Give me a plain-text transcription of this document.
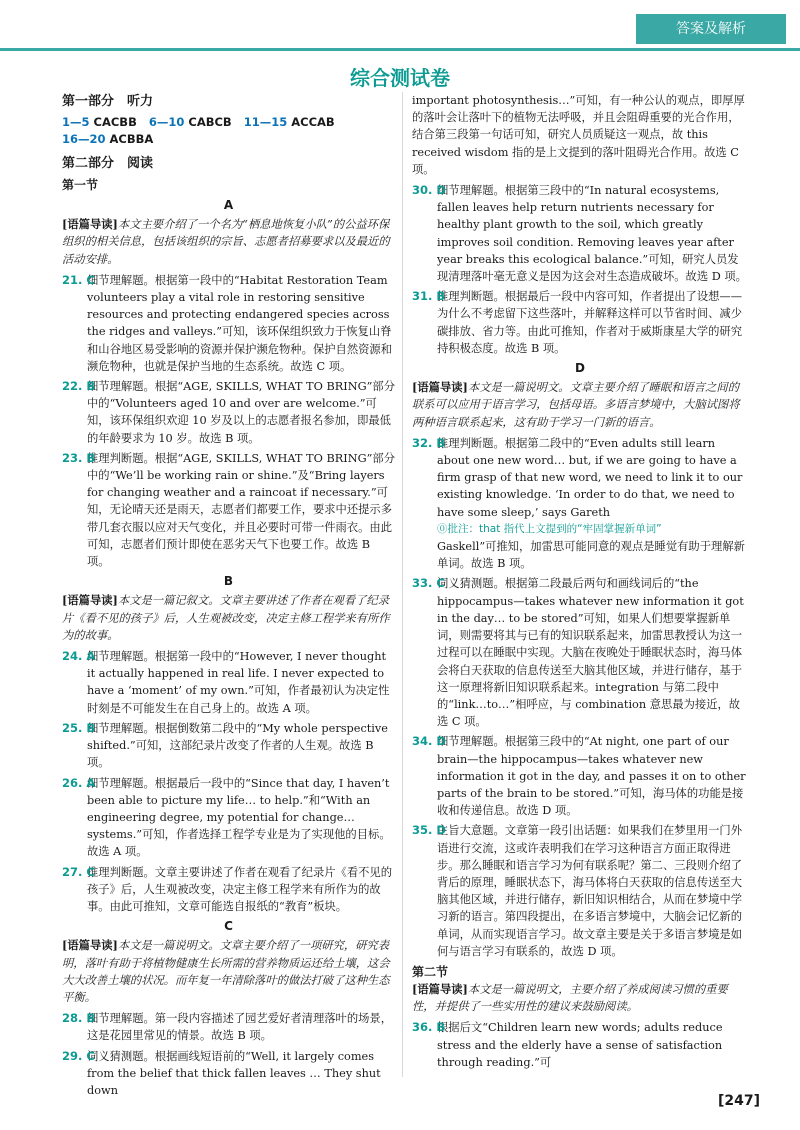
答案及解析
综合测试卷
第一部分　听力
1—5 CACBB 6—10 CABCB 11—15 ACCAB
16—20 ACBBA
第二部分　阅读
第一节
A
[语篇导读]本文主要介绍了一个名为“栖息地恢复小队”的公益环保组织的相关信息，包括该组织的宗旨、志愿者招募要求以及最近的活动安排。
21. C
细节理解题。根据第一段中的“Habitat Restoration Team volunteers play a vital role in restoring sensitive resources and protecting endangered species across the ridges and valleys.”可知，该环保组织致力于恢复山脊和山谷地区易受影响的资源并保护濒危物种。保护自然资源和濒危物种，也就是保护当地的生态系统。故选 C 项。
22. B
细节理解题。根据“AGE, SKILLS, WHAT TO BRING”部分中的“Volunteers aged 10 and over are welcome.”可知，该环保组织欢迎 10 岁及以上的志愿者报名参加，即最低的年龄要求为 10 岁。故选 B 项。
23. B
推理判断题。根据“AGE, SKILLS, WHAT TO BRING”部分中的“We’ll be working rain or shine.”及“Bring layers for changing weather and a raincoat if necessary.”可知，无论晴天还是雨天，志愿者们都要工作，要求中还提示多带几套衣服以应对天气变化，并且必要时可带一件雨衣。由此可知，志愿者们预计即使在恶劣天气下也要工作。故选 B 项。
B
[语篇导读]本文是一篇记叙文。文章主要讲述了作者在观看了纪录片《看不见的孩子》后，人生观被改变，决定主修工程学来有所作为的故事。
24. A
细节理解题。根据第一段中的“However, I never thought it actually happened in real life. I never expected to have a ‘moment’ of my own.”可知，作者最初认为决定性时刻是不可能发生在自己身上的。故选 A 项。
25. B
细节理解题。根据倒数第二段中的“My whole perspective shifted.”可知，这部纪录片改变了作者的人生观。故选 B 项。
26. A
细节理解题。根据最后一段中的“Since that day, I haven’t been able to picture my life… to help.”和“With an engineering degree, my potential for change… systems.”可知，作者选择工程学专业是为了实现他的目标。故选 A 项。
27. C
推理判断题。文章主要讲述了作者在观看了纪录片《看不见的孩子》后，人生观被改变，决定主修工程学来有所作为的故事。由此可推知，文章可能选自报纸的“教育”板块。
C
[语篇导读]本文是一篇说明文。文章主要介绍了一项研究，研究表明，落叶有助于将植物健康生长所需的营养物质运还给土壤，这会大大改善土壤的状况。而年复一年清除落叶的做法打破了这种生态平衡。
28. B
细节理解题。第一段内容描述了园艺爱好者清理落叶的场景，这是花园里常见的情景。故选 B 项。
29. C
词义猜测题。根据画线短语前的“Well, it largely comes from the belief that thick fallen leaves … They shut down
important photosynthesis…”可知，有一种公认的观点，即厚厚的落叶会让落叶下的植物无法呼吸，并且会阻碍重要的光合作用，结合第三段第一句话可知，研究人员质疑这一观点，故 this received wisdom 指的是上文提到的落叶阻碍光合作用。故选 C 项。
30. D
细节理解题。根据第三段中的“In natural ecosystems, fallen leaves help return nutrients necessary for healthy plant growth to the soil, which greatly improves soil condition. Removing leaves year after year breaks this ecological balance.”可知，研究人员发现清理落叶毫无意义是因为这会对生态造成破坏。故选 D 项。
31. B
推理判断题。根据最后一段中内容可知，作者提出了设想——为什么不考虑留下这些落叶，并解释这样可以节省时间、减少碳排放、省力等。由此可推知，作者对于威斯康星大学的研究持积极态度。故选 B 项。
D
[语篇导读]本文是一篇说明文。文章主要介绍了睡眠和语言之间的联系可以应用于语言学习，包括母语。多语言梦境中，大脑试图将两种语言联系起来，这有助于学习一门新的语言。
32. B
推理判断题。根据第二段中的“Even adults still learn about one new word… but, if we are going to have a firm grasp of that new word, we need to link it to our existing knowledge. ‘In order to do that, we need to have some sleep,’ says Gareth
⓪批注：that 指代上文提到的“牢固掌握新单词”
Gaskell”可推知，加雷思可能同意的观点是睡觉有助于理解新单词。故选 B 项。
33. C
词义猜测题。根据第二段最后两句和画线词后的“the hippocampus—takes whatever new information it got in the day… to be stored”可知，如果人们想要掌握新单词，则需要将其与已有的知识联系起来，加雷思教授认为这一过程可以在睡眠中实现。大脑在夜晚处于睡眠状态时，海马体会将白天获取的信息传送至大脑其他区域，并进行储存，基于这一原理将新旧知识联系起来。integration 与第二段中的“link…to…”相呼应，与 combination 意思最为接近，故选 C 项。
34. D
细节理解题。根据第三段中的“At night, one part of our brain—the hippocampus—takes whatever new information it got in the day, and passes it on to other parts of the brain to be stored.”可知，海马体的功能是接收和传递信息。故选 D 项。
35. D
主旨大意题。文章第一段引出话题：如果我们在梦里用一门外语进行交流，这或许表明我们在学习这种语言方面正取得进步。那么睡眠和语言学习为何有联系呢？第二、三段则介绍了背后的原理，睡眠状态下，海马体将白天获取的信息传送至大脑其他区域，并进行储存，新旧知识相结合，从而在梦境中学习新的语言。第四段提出，在多语言梦境中，大脑会记忆新的单词，从而实现语言学习。故文章主要是关于多语言梦境是如何与语言学习有联系的，故选 D 项。
第二节
[语篇导读]本文是一篇说明文，主要介绍了养成阅读习惯的重要性，并提供了一些实用性的建议来鼓励阅读。
36. B
根据后文“Children learn new words; adults reduce stress and the elderly have a sense of satisfaction through reading.”可
[247]
